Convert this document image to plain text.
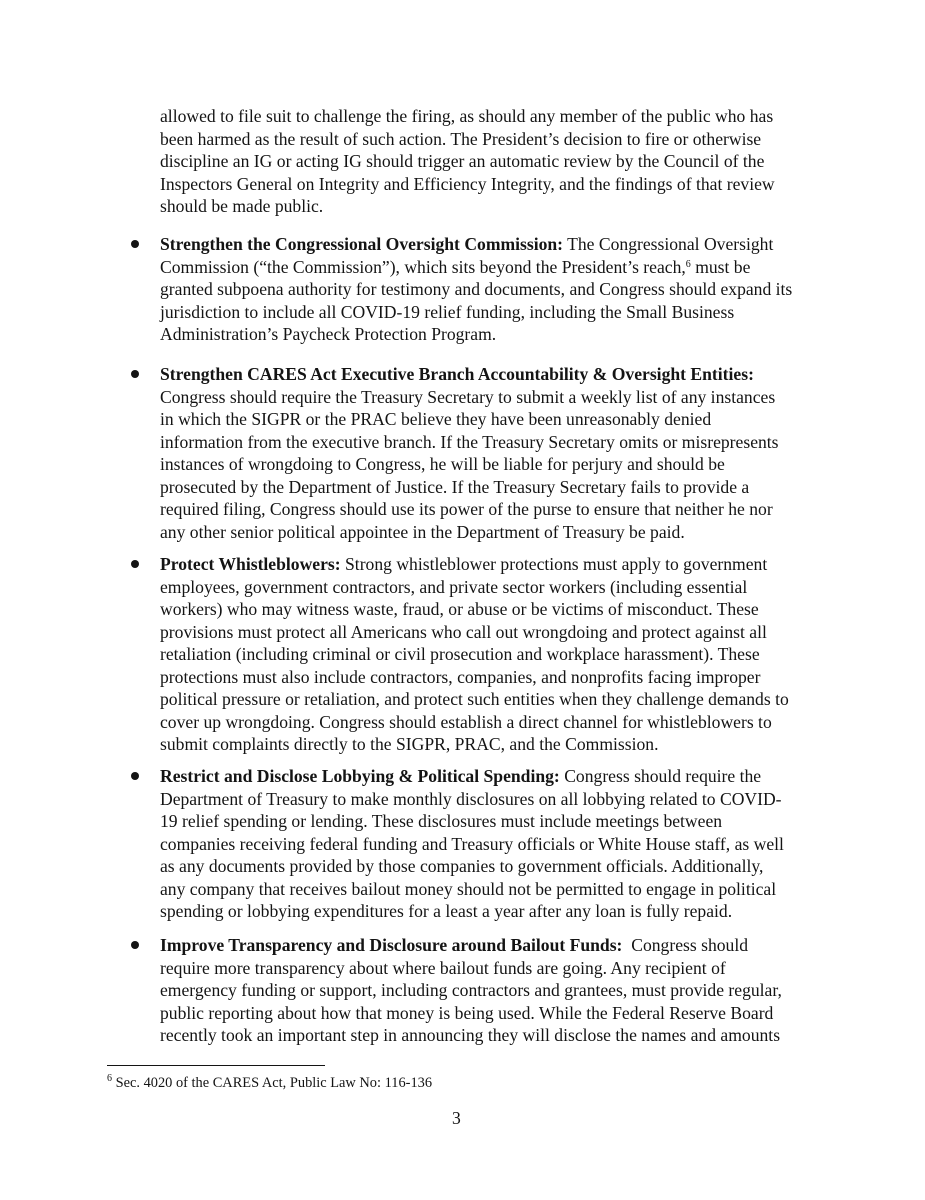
allowed to file suit to challenge the firing, as should any member of the public who has
been harmed as the result of such action. The President’s decision to fire or otherwise
discipline an IG or acting IG should trigger an automatic review by the Council of the
Inspectors General on Integrity and Efficiency Integrity, and the findings of that review
should be made public.
Strengthen the Congressional Oversight Commission: The Congressional Oversight
Commission (“the Commission”), which sits beyond the President’s reach,$^6$ must be
granted subpoena authority for testimony and documents, and Congress should expand its
jurisdiction to include all COVID-19 relief funding, including the Small Business
Administration’s Paycheck Protection Program.
Strengthen CARES Act Executive Branch Accountability & Oversight Entities:
Congress should require the Treasury Secretary to submit a weekly list of any instances
in which the SIGPR or the PRAC believe they have been unreasonably denied
information from the executive branch. If the Treasury Secretary omits or misrepresents
instances of wrongdoing to Congress, he will be liable for perjury and should be
prosecuted by the Department of Justice. If the Treasury Secretary fails to provide a
required filing, Congress should use its power of the purse to ensure that neither he nor
any other senior political appointee in the Department of Treasury be paid.
Protect Whistleblowers: Strong whistleblower protections must apply to government
employees, government contractors, and private sector workers (including essential
workers) who may witness waste, fraud, or abuse or be victims of misconduct. These
provisions must protect all Americans who call out wrongdoing and protect against all
retaliation (including criminal or civil prosecution and workplace harassment). These
protections must also include contractors, companies, and nonprofits facing improper
political pressure or retaliation, and protect such entities when they challenge demands to
cover up wrongdoing. Congress should establish a direct channel for whistleblowers to
submit complaints directly to the SIGPR, PRAC, and the Commission.
Restrict and Disclose Lobbying & Political Spending: Congress should require the
Department of Treasury to make monthly disclosures on all lobbying related to COVID-
19 relief spending or lending. These disclosures must include meetings between
companies receiving federal funding and Treasury officials or White House staff, as well
as any documents provided by those companies to government officials. Additionally,
any company that receives bailout money should not be permitted to engage in political
spending or lobbying expenditures for a least a year after any loan is fully repaid.
Improve Transparency and Disclosure around Bailout Funds:  Congress should
require more transparency about where bailout funds are going. Any recipient of
emergency funding or support, including contractors and grantees, must provide regular,
public reporting about how that money is being used. While the Federal Reserve Board
recently took an important step in announcing they will disclose the names and amounts
$^6$ Sec. 4020 of the CARES Act, Public Law No: 116-136
3
